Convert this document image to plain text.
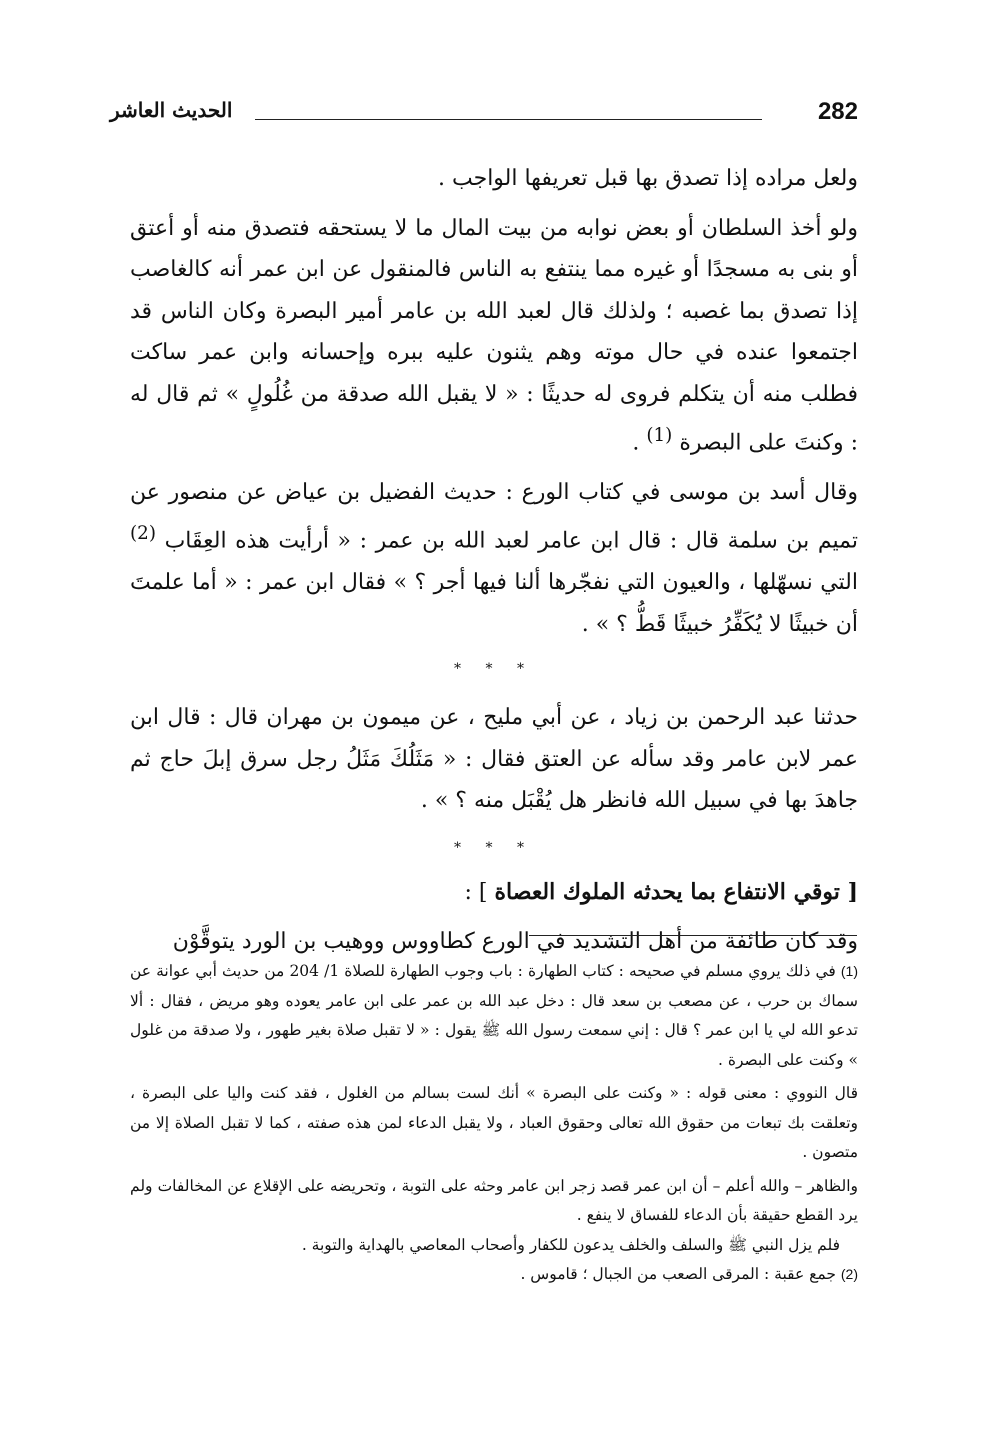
282
الحديث العاشر

ولعل مراده إذا تصدق بها قبل تعريفها الواجب .

ولو أخذ السلطان أو بعض نوابه من بيت المال ما لا يستحقه فتصدق منه أو أعتق أو بنى به مسجدًا أو غيره مما ينتفع به الناس فالمنقول عن ابن عمر أنه كالغاصب إذا تصدق بما غصبه ؛ ولذلك قال لعبد الله بن عامر أمير البصرة وكان الناس قد اجتمعوا عنده في حال موته وهم يثنون عليه ببره وإحسانه وابن عمر ساكت فطلب منه أن يتكلم فروى له حديثًا : « لا يقبل الله صدقة من غُلُولٍ » ثم قال له : وكنتَ على البصرة $^{(1)}$ .

وقال أسد بن موسى في كتاب الورع : حديث الفضيل بن عياض عن منصور عن تميم بن سلمة قال : قال ابن عامر لعبد الله بن عمر : « أرأيت هذه العِقَاب $^{(2)}$ التي نسهّلها ، والعيون التي نفجّرها ألنا فيها أجر ؟ » فقال ابن عمر : « أما علمتَ أن خبيثًا لا يُكَفِّرُ خبيثًا قَطُّ ؟ » .

* * *

حدثنا عبد الرحمن بن زياد ، عن أبي مليح ، عن ميمون بن مهران قال : قال ابن عمر لابن عامر وقد سأله عن العتق فقال : « مَثَلُكَ مَثَلُ رجل سرق إبلَ حاج ثم جاهدَ بها في سبيل الله فانظر هل يُقْبَل منه ؟ » .

* * *

[ توقي الانتفاع بما يحدثه الملوك العصاة ] :

وقد كان طائفة من أهل التشديد في الورع كطاووس ووهيب بن الورد يتوقَّوْن

(1) في ذلك يروي مسلم في صحيحه : كتاب الطهارة : باب وجوب الطهارة للصلاة 1/ 204 من حديث أبي عوانة عن سماك بن حرب ، عن مصعب بن سعد قال : دخل عبد الله بن عمر على ابن عامر يعوده وهو مريض ، فقال : ألا تدعو الله لي يا ابن عمر ؟ قال : إني سمعت رسول الله ﷺ يقول : « لا تقبل صلاة بغير طهور ، ولا صدقة من غلول » وكنت على البصرة .

قال النووي : معنى قوله : « وكنت على البصرة » أنك لست بسالم من الغلول ، فقد كنت واليا على البصرة ، وتعلقت بك تبعات من حقوق الله تعالى وحقوق العباد ، ولا يقبل الدعاء لمن هذه صفته ، كما لا تقبل الصلاة إلا من متصون .

والظاهر – والله أعلم – أن ابن عمر قصد زجر ابن عامر وحثه على التوبة ، وتحريضه على الإقلاع عن المخالفات ولم يرد القطع حقيقة بأن الدعاء للفساق لا ينفع .

فلم يزل النبي ﷺ والسلف والخلف يدعون للكفار وأصحاب المعاصي بالهداية والتوبة .

(2) جمع عقبة : المرقى الصعب من الجبال ؛ قاموس .
